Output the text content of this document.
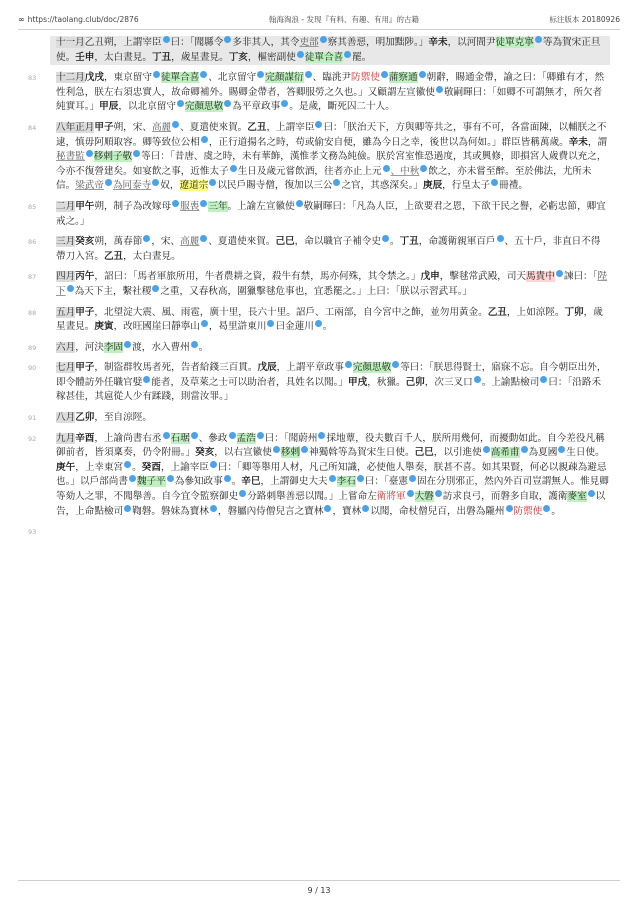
∞ https://taolang.club/doc/2876	翰海淘浪 - 发现『有料、有趣、有用』的古籍	标注版本 20180926
十一月乙丑朔，上謂宰臣 曰：「聞縣令 多非其人，其令吏部 察其善惡，明加黜陟。」辛未，以河間尹徒單克寧 等為賀宋正旦使。壬申，太白晝見。丁丑，歲星晝見。丁亥，樞密副使 徒單合喜 罷。
83	十二月戊戌，東京留守 徒單合喜 、北京留守 完顏謀衍 、臨洮尹防禦使 蒲察通 朝辭，賜通金帶，諭之曰：「卿雖有才，然性利急，朕左右須忠實人，故命卿補外。賜卿金帶者，答卿服勞之久也。」又顧謂左宣徽使 敬嗣暉曰：「如卿不可謂無才，所欠者純實耳。」甲辰，以北京留守 完顏思敬 為平章政事 。是歲，斷死囚二十人。
84	八年正月甲子朔，宋、高麗 、夏遣使來賀。乙丑，上謂宰臣 曰：「朕治天下，方與卿等共之，事有不可，各當面陳，以輔朕之不逮，慎毋阿順取容。卿等致位公相 ，正行道揚名之時，苟或偷安自便，雖為今日之幸，後世以為何如。」群臣皆稱萬歲。辛未，謂秘書監 移剌子敬 等曰：「昔唐、虞之時，未有華飾，漢惟孝文務為純儉。朕於宮室惟恐過度，其或興修，即損宮人歲費以充之，今亦不復營建矣。如宴飲之事，近惟太子 生日及歲元嘗飲酒，往者亦止上元 、中秋 飲之，亦未嘗至醉。至於佛法，尤所未信。梁武帝 為同泰寺 奴，遼道宗 以民戶賜寺僧，復加以三公 之官，其惑深矣。」庚辰，行皇太子 冊禮。
85	二月甲午朔，制子為改嫁母 服喪 三年。上諭左宣徽使 敬嗣暉曰：「凡為人臣，上欲要君之恩，下欲干民之譽，必虧忠節，卿宜戒之。」
86	三月癸亥朔，萬春節 ，宋、高麗 、夏遣使來賀。己巳，命以職官子補令史 。丁丑，命護衛親軍百戶 、五十戶，非直日不得帶刀入宮。乙丑，太白晝見。
87	四月丙午，詔曰：「馬者軍旅所用，牛者農耕之資，殺牛有禁，馬亦何殊，其令禁之。」戊申，擊毬常武殿，司天馬貴中 諫曰：「陛下 為天下主，繫社稷 之重，又春秋高，圍獵擊毬危事也，宜悉罷之。」上曰：「朕以示習武耳。」
88	五月甲子，北望淀大震、風、雨雹，廣十里，長六十里。詔戶、工兩部，自今宮中之飾，並勿用黃金。乙丑，上如涼陘。丁卯，歲星晝見。庚寅，改旺國崖曰靜寧山 ，曷里滸東川 曰金蓮川 。
89	六月，河決李固 渡，水入曹州 。
90	七月甲子，制盜群牧馬者死，告者給錢三百貫。戊辰，上謂平章政事 完顏思敬 等曰：「朕思得賢士，寤寐不忘。自今朝臣出外，即令體訪外任職官嬖 能者，及草萊之士可以助治者，具姓名以聞。」甲戌，秋獵。己卯，次三叉口 。上諭點檢司 曰：「沿路禾稼甚佳，其扈從人少有蹂踐，則當汝罪。」
91	八月乙卯，至自涼陘。
92	九月辛酉，上諭尚書右丞 石琚 、參政 孟浩 曰：「聞蔚州 採地蕈，役夫數百千人，朕所用幾何，而擾動如此。自今差役凡稱御前者，皆須稟奏，仍令附冊。」癸亥，以右宣徽使 移剌 神獨斡等為賀宋生日使。己巳，以引進使 高希甫 為夏國 生日使。庚午，上幸東宮 。癸酉，上諭宰臣 曰：「卿等舉用人材，凡己所知識，必使他人舉奏，朕甚不喜。如其果賢，何必以親疎為避忌也。」以戶部尚書 魏子平 為參知政事 。辛巳，上謂御史大夫 李石 曰：「臺憲 固在分別邪正，然內外百司豈謂無人。惟見卿等劾人之罪，不聞舉善。自今宜令監察御史 分路刺舉善惡以聞。」上嘗命左衛將軍 大磐 訪求良弓，而磐多自取，護衛麥室 以告，上命點檢司 鞫磐。磐妹為寶林 ，磐屬內侍僧兒言之寶林 ，寶林 以聞，命杖僧兒百，出磐為隴州 防禦使 。
93
9 / 13
